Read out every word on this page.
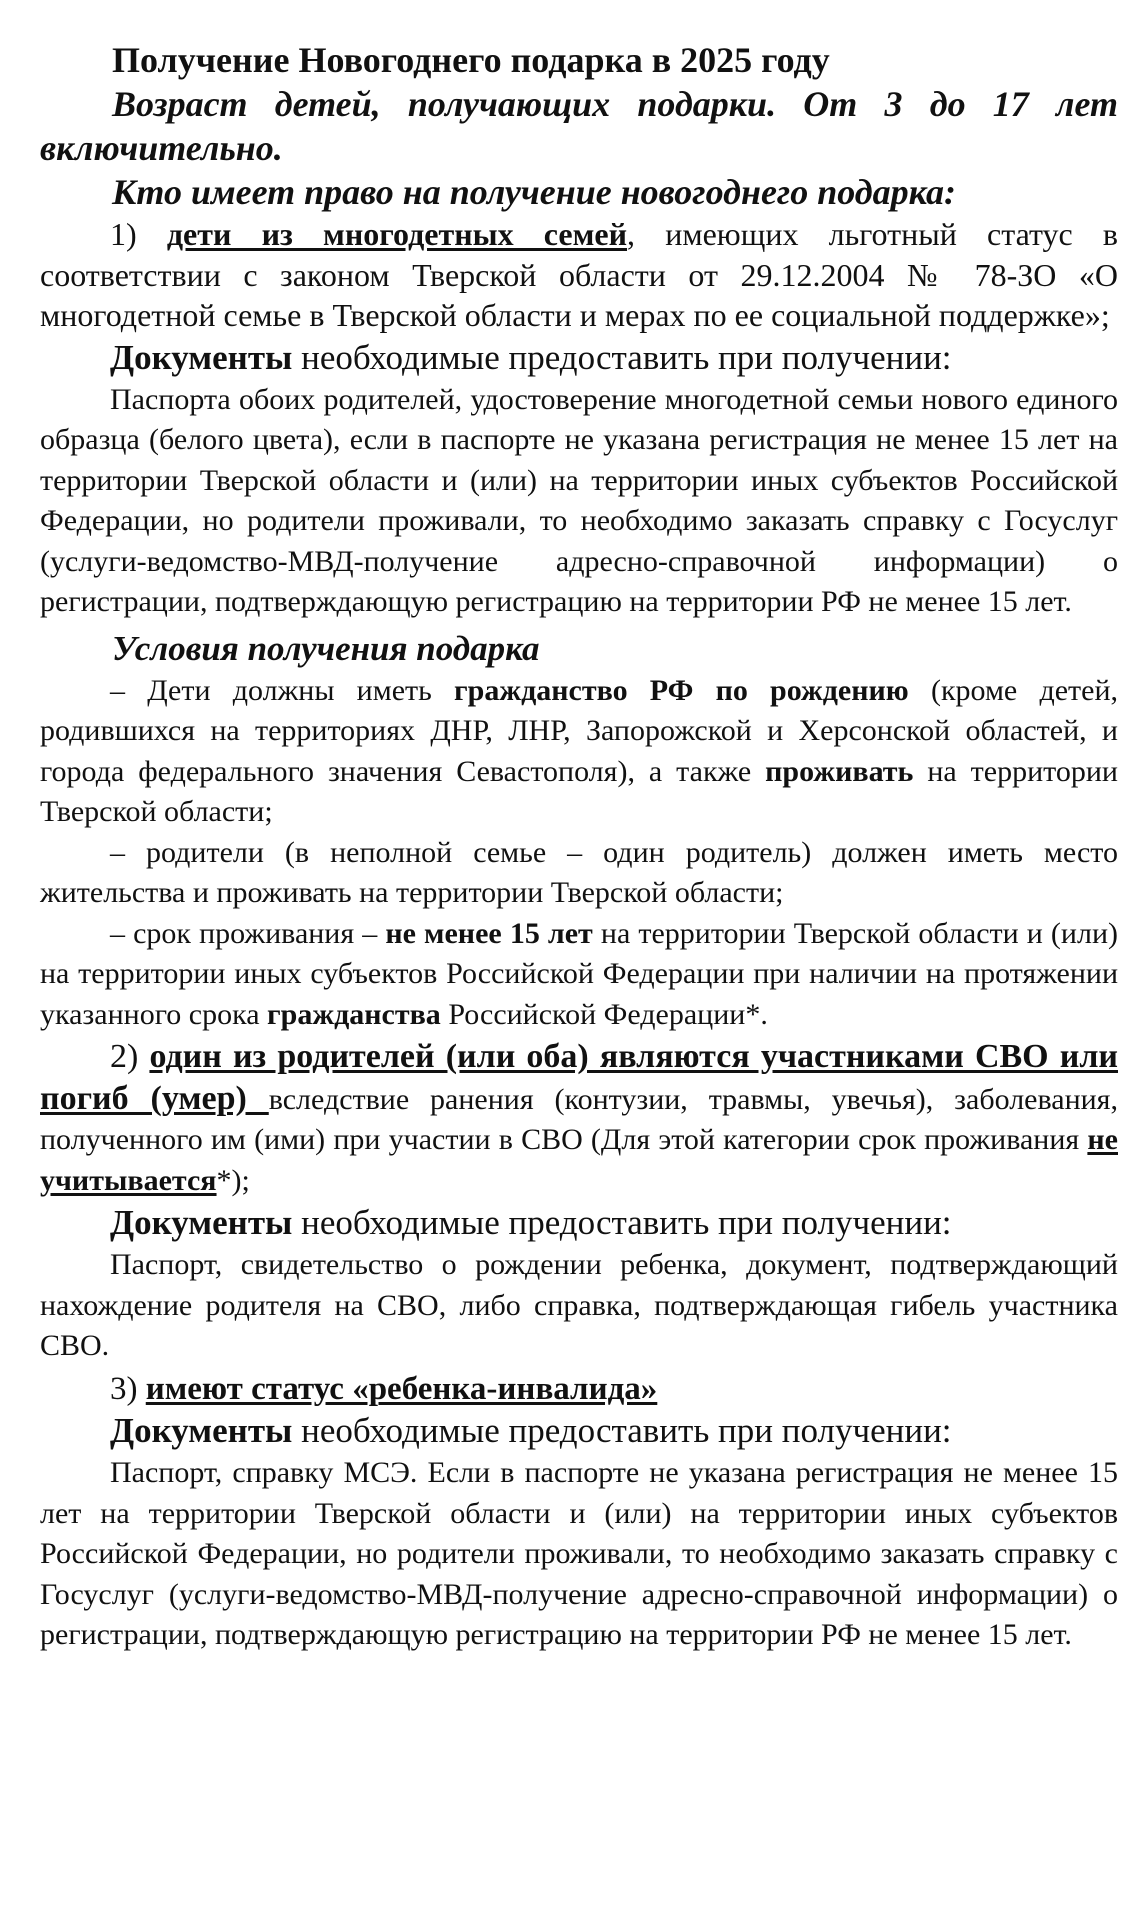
Получение Новогоднего подарка в 2025 году

Возраст детей, получающих подарки. От 3 до 17 лет включительно.

Кто имеет право на получение новогоднего подарка:

1) дети из многодетных семей, имеющих льготный статус в соответствии с законом Тверской области от 29.12.2004 № 78-ЗО «О многодетной семье в Тверской области и мерах по ее социальной поддержке»;

Документы необходимые предоставить при получении:

Паспорта обоих родителей, удостоверение многодетной семьи нового единого образца (белого цвета), если в паспорте не указана регистрация не менее 15 лет на территории Тверской области и (или) на территории иных субъектов Российской Федерации, но родители проживали, то необходимо заказать справку с Госуслуг (услуги-ведомство-МВД-получение адресно-справочной информации) о регистрации, подтверждающую регистрацию на территории РФ не менее 15 лет.

Условия получения подарка

– Дети должны иметь гражданство РФ по рождению (кроме детей, родившихся на территориях ДНР, ЛНР, Запорожской и Херсонской областей, и города федерального значения Севастополя), а также проживать на территории Тверской области;

– родители (в неполной семье – один родитель) должен иметь место жительства и проживать на территории Тверской области;

– срок проживания – не менее 15 лет на территории Тверской области и (или) на территории иных субъектов Российской Федерации при наличии на протяжении указанного срока гражданства Российской Федерации*.

2) один из родителей (или оба) являются участниками СВО или погиб (умер) вследствие ранения (контузии, травмы, увечья), заболевания, полученного им (ими) при участии в СВО (Для этой категории срок проживания не учитывается*);

Документы необходимые предоставить при получении:

Паспорт, свидетельство о рождении ребенка, документ, подтверждающий нахождение родителя на СВО, либо справка, подтверждающая гибель участника СВО.

3) имеют статус «ребенка-инвалида»

Документы необходимые предоставить при получении:

Паспорт, справку МСЭ. Если в паспорте не указана регистрация не менее 15 лет на территории Тверской области и (или) на территории иных субъектов Российской Федерации, но родители проживали, то необходимо заказать справку с Госуслуг (услуги-ведомство-МВД-получение адресно-справочной информации) о регистрации, подтверждающую регистрацию на территории РФ не менее 15 лет.
